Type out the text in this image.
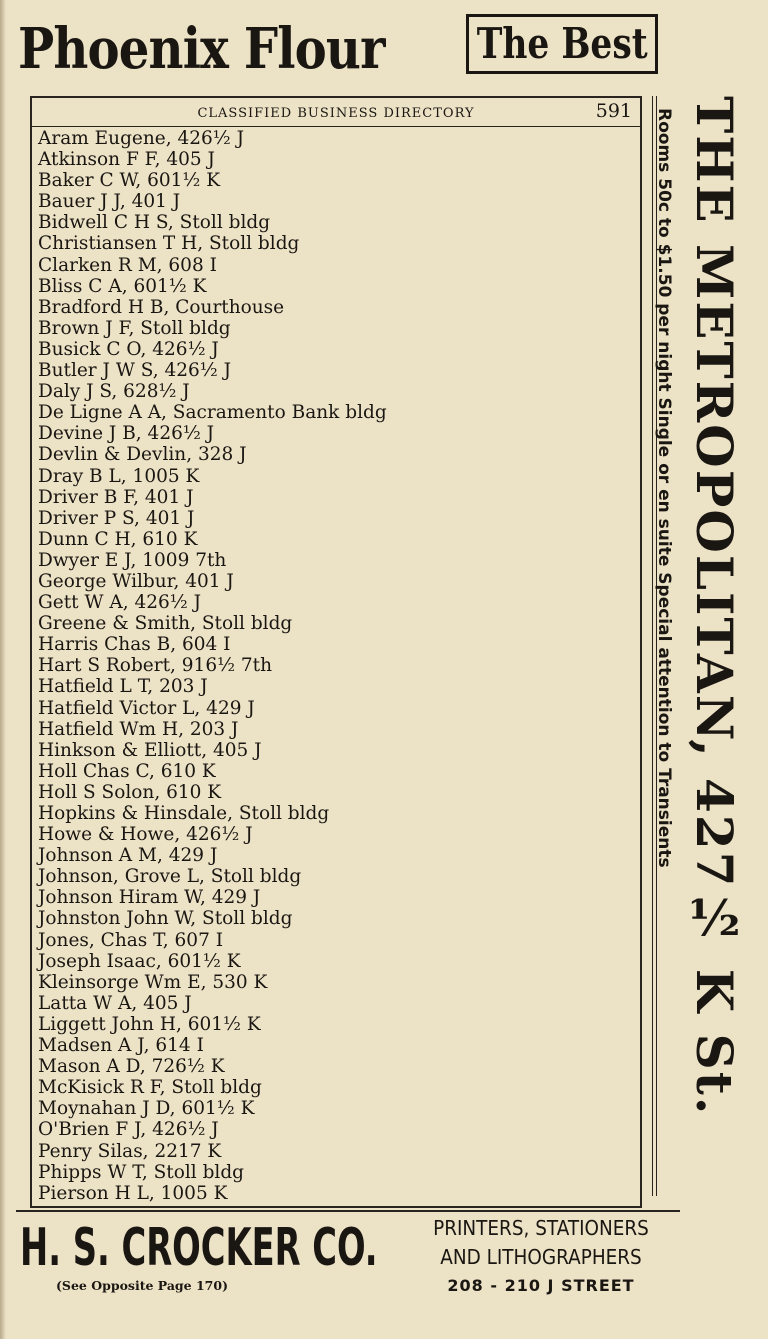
Phoenix Flour The Best
CLASSIFIED BUSINESS DIRECTORY	591
Aram Eugene, 426½ J
Atkinson F F, 405 J
Baker C W, 601½ K
Bauer J J, 401 J
Bidwell C H S, Stoll bldg
Christiansen T H, Stoll bldg
Clarken R M, 608 I
Bliss C A, 601½ K
Bradford H B, Courthouse
Brown J F, Stoll bldg
Busick C O, 426½ J
Butler J W S, 426½ J
Daly J S, 628½ J
De Ligne A A, Sacramento Bank bldg
Devine J B, 426½ J
Devlin & Devlin, 328 J
Dray B L, 1005 K
Driver B F, 401 J
Driver P S, 401 J
Dunn C H, 610 K
Dwyer E J, 1009 7th
George Wilbur, 401 J
Gett W A, 426½ J
Greene & Smith, Stoll bldg
Harris Chas B, 604 I
Hart S Robert, 916½ 7th
Hatfield L T, 203 J
Hatfield Victor L, 429 J
Hatfield Wm H, 203 J
Hinkson & Elliott, 405 J
Holl Chas C, 610 K
Holl S Solon, 610 K
Hopkins & Hinsdale, Stoll bldg
Howe & Howe, 426½ J
Johnson A M, 429 J
Johnson, Grove L, Stoll bldg
Johnson Hiram W, 429 J
Johnston John W, Stoll bldg
Jones, Chas T, 607 I
Joseph Isaac, 601½ K
Kleinsorge Wm E, 530 K
Latta W A, 405 J
Liggett John H, 601½ K
Madsen A J, 614 I
Mason A D, 726½ K
McKisick R F, Stoll bldg
Moynahan J D, 601½ K
O'Brien F J, 426½ J
Penry Silas, 2217 K
Phipps W T, Stoll bldg
Pierson H L, 1005 K
Rooms 50c to $1.50 per night Single or en suite Special attention to Transients THE METROPOLITAN, 427½ K St.
H. S. CROCKER CO.
(See Opposite Page 170)
PRINTERS, STATIONERS
AND LITHOGRAPHERS
208 - 210 J STREET
